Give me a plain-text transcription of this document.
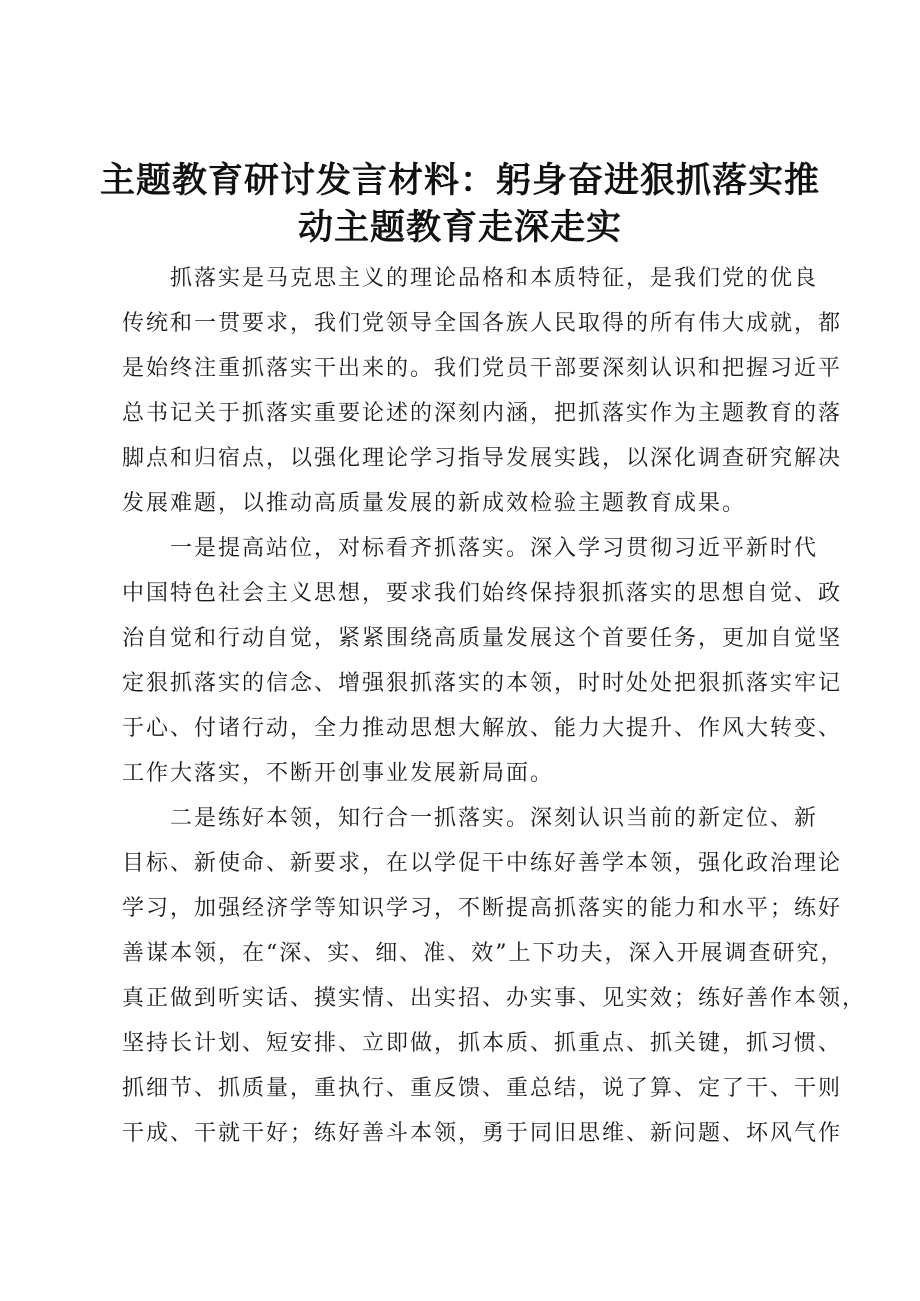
主题教育研讨发言材料：躬身奋进狠抓落实推
动主题教育走深走实
抓落实是马克思主义的理论品格和本质特征，是我们党的优良
传统和一贯要求，我们党领导全国各族人民取得的所有伟大成就，都
是始终注重抓落实干出来的。我们党员干部要深刻认识和把握习近平
总书记关于抓落实重要论述的深刻内涵，把抓落实作为主题教育的落
脚点和归宿点，以强化理论学习指导发展实践，以深化调查研究解决
发展难题，以推动高质量发展的新成效检验主题教育成果。
一是提高站位，对标看齐抓落实。深入学习贯彻习近平新时代
中国特色社会主义思想，要求我们始终保持狠抓落实的思想自觉、政
治自觉和行动自觉，紧紧围绕高质量发展这个首要任务，更加自觉坚
定狠抓落实的信念、增强狠抓落实的本领，时时处处把狠抓落实牢记
于心、付诸行动，全力推动思想大解放、能力大提升、作风大转变、
工作大落实，不断开创事业发展新局面。
二是练好本领，知行合一抓落实。深刻认识当前的新定位、新
目标、新使命、新要求，在以学促干中练好善学本领，强化政治理论
学习，加强经济学等知识学习，不断提高抓落实的能力和水平；练好
善谋本领，在“深、实、细、准、效”上下功夫，深入开展调查研究，
真正做到听实话、摸实情、出实招、办实事、见实效；练好善作本领，
坚持长计划、短安排、立即做，抓本质、抓重点、抓关键，抓习惯、
抓细节、抓质量，重执行、重反馈、重总结，说了算、定了干、干则
干成、干就干好；练好善斗本领，勇于同旧思维、新问题、坏风气作
